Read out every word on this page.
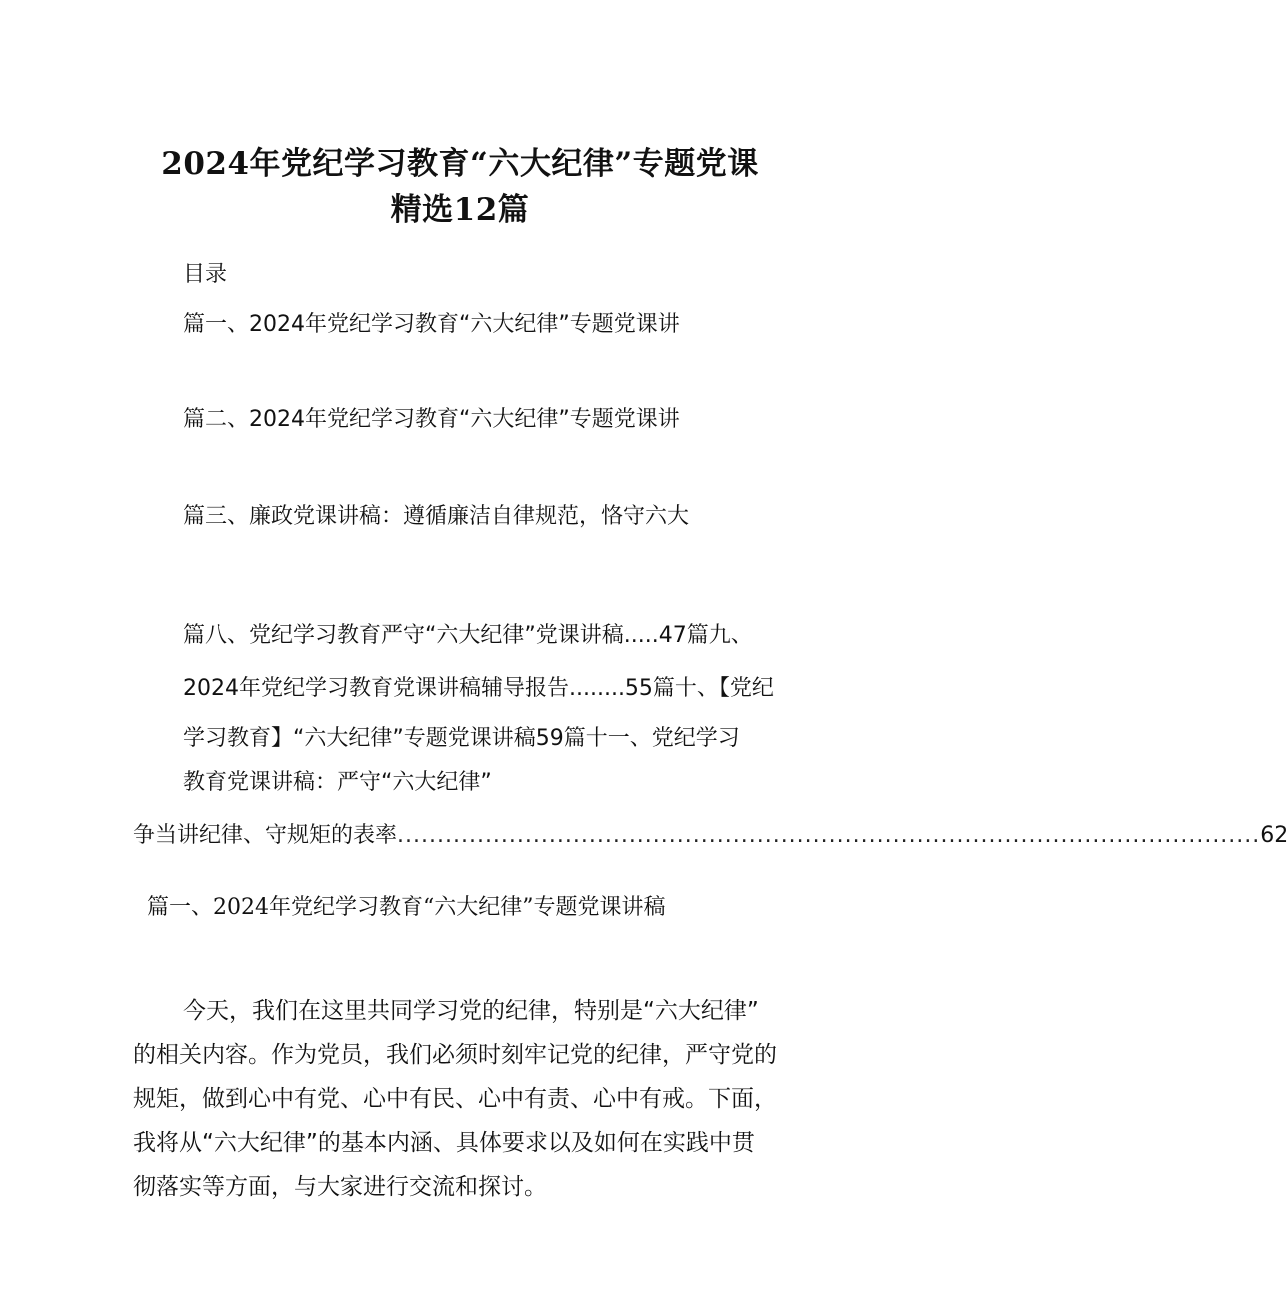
2024年党纪学习教育“六大纪律”专题党课
精选12篇
目录
篇一、2024年党纪学习教育“六大纪律”专题党课讲
篇二、2024年党纪学习教育“六大纪律”专题党课讲
篇三、廉政党课讲稿：遵循廉洁自律规范，恪守六大
篇八、党纪学习教育严守“六大纪律”党课讲稿.....47篇九、
2024年党纪学习教育党课讲稿辅导报告........55篇十、【党纪
学习教育】“六大纪律”专题党课讲稿59篇十一、党纪学习
教育党课讲稿：严守“六大纪律”
争当讲纪律、守规矩的表率 ............................................................................................................ 62
篇一、2024年党纪学习教育“六大纪律”专题党课讲稿
今天，我们在这里共同学习党的纪律，特别是“六大纪律”
的相关内容。作为党员，我们必须时刻牢记党的纪律，严守党的
规矩，做到心中有党、心中有民、心中有责、心中有戒。下面，
我将从“六大纪律”的基本内涵、具体要求以及如何在实践中贯
彻落实等方面，与大家进行交流和探讨。
